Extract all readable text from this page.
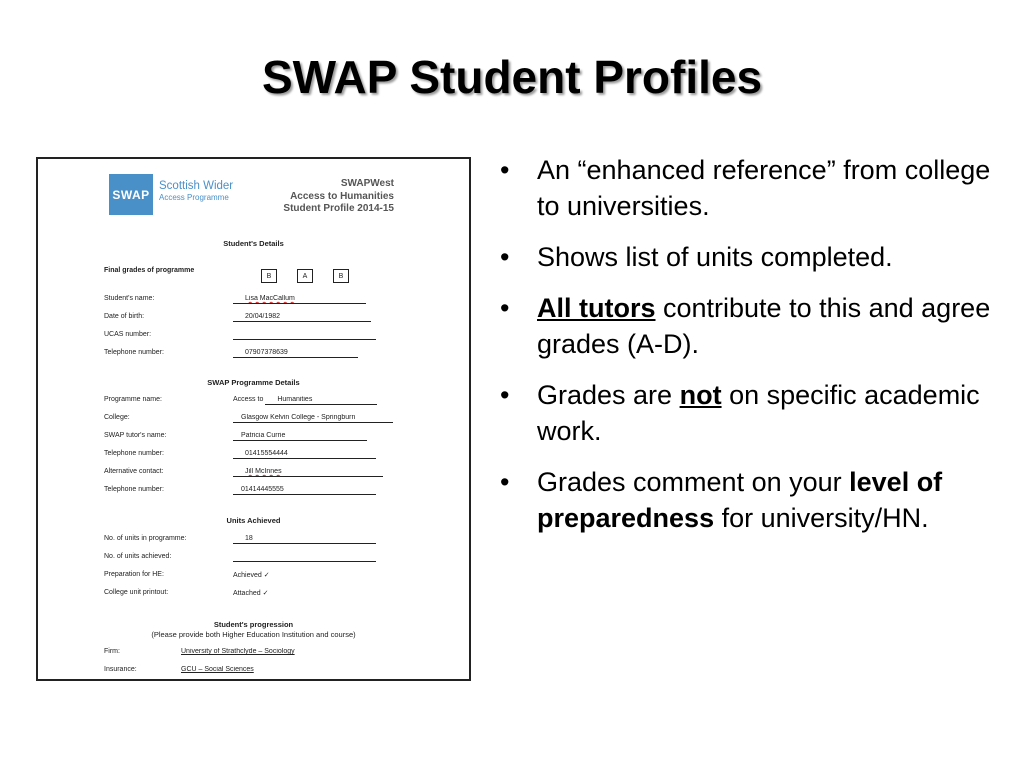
SWAP Student Profiles
SWAP
Scottish Wider
Access Programme
SWAPWest
Access to Humanities
Student Profile 2014-15
Student's Details
Final grades of programme
B	A	B
Student's name:	Lisa MacCallum
Date of birth:	20/04/1982
UCAS number:
Telephone number:	07907378639
SWAP Programme Details
Programme name:	Access to Humanities
College:	Glasgow Kelvin College - Springburn
SWAP tutor's name:	Patricia Currie
Telephone number:	01415554444
Alternative contact:	Jill McInnes
Telephone number:	01414445555
Units Achieved
No. of units in programme:	18
No. of units achieved:
Preparation for HE:	Achieved ✓
College unit printout:	Attached ✓
Student's progression
(Please provide both Higher Education Institution and course)
Firm:	University of Strathclyde – Sociology
Insurance:	GCU – Social Sciences
• An “enhanced reference” from college to universities.
• Shows list of units completed.
• All tutors contribute to this and agree grades (A-D).
• Grades are not on specific academic work.
• Grades comment on your level of preparedness for university/HN.
